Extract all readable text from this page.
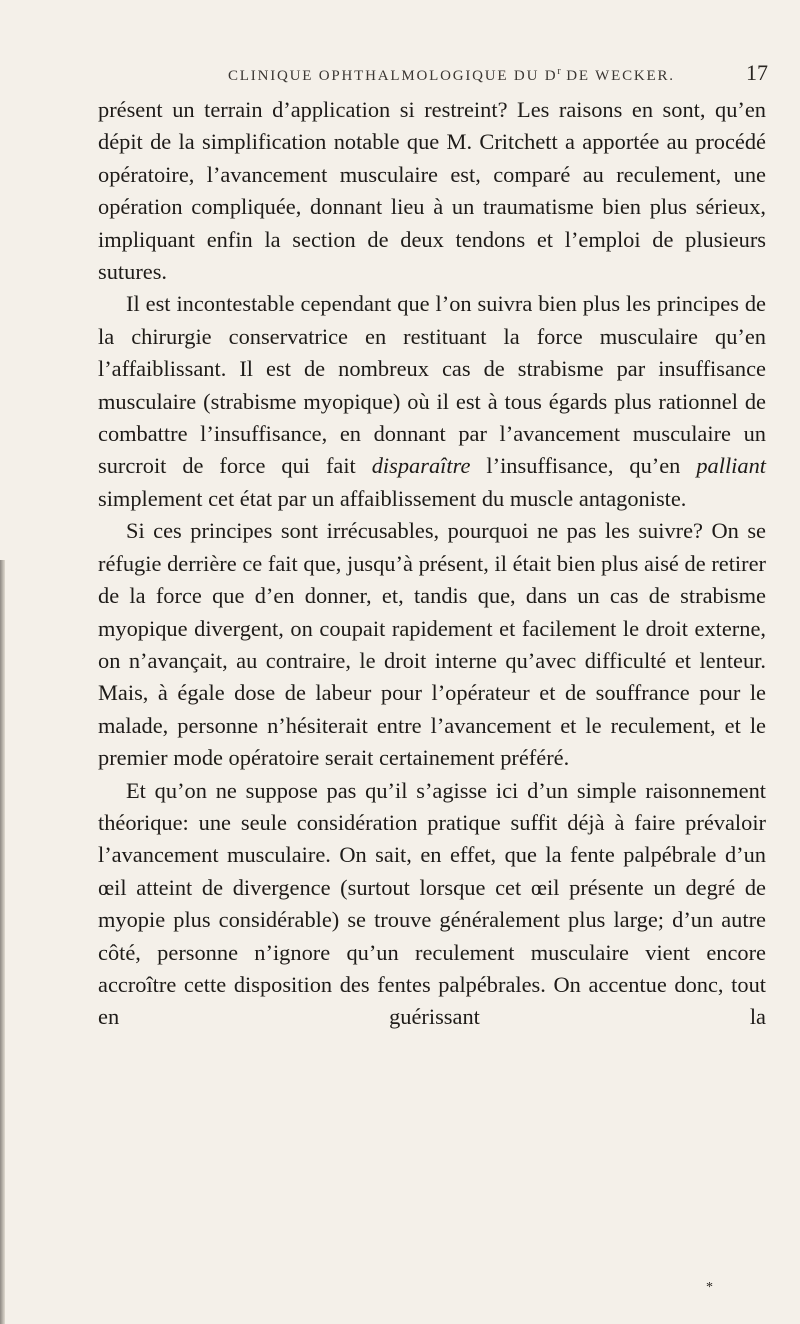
CLINIQUE OPHTHALMOLOGIQUE DU $D^r$ DE WECKER.	17

présent un terrain d’application si restreint? Les raisons en sont, qu’en dépit de la simplification notable que M. Critchett a apportée au procédé opératoire, l’avancement musculaire est, comparé au reculement, une opération compliquée, donnant lieu à un traumatisme bien plus sérieux, impliquant enfin la section de deux tendons et l’emploi de plusieurs sutures.

Il est incontestable cependant que l’on suivra bien plus les principes de la chirurgie conservatrice en restituant la force musculaire qu’en l’affaiblissant. Il est de nombreux cas de strabisme par insuffisance musculaire (strabisme myopique) où il est à tous égards plus rationnel de combattre l’insuffisance, en donnant par l’avancement musculaire un surcroit de force qui fait disparaître l’insuffisance, qu’en palliant simplement cet état par un affaiblissement du muscle antagoniste.

Si ces principes sont irrécusables, pourquoi ne pas les suivre? On se réfugie derrière ce fait que, jusqu’à présent, il était bien plus aisé de retirer de la force que d’en donner, et, tandis que, dans un cas de strabisme myopique divergent, on coupait rapidement et facilement le droit externe, on n’avançait, au contraire, le droit interne qu’avec difficulté et lenteur. Mais, à égale dose de labeur pour l’opérateur et de souffrance pour le malade, personne n’hésiterait entre l’avancement et le reculement, et le premier mode opératoire serait certainement préféré.

Et qu’on ne suppose pas qu’il s’agisse ici d’un simple raisonnement théorique: une seule considération pratique suffit déjà à faire prévaloir l’avancement musculaire. On sait, en effet, que la fente palpébrale d’un œil atteint de divergence (surtout lorsque cet œil présente un degré de myopie plus considérable) se trouve généralement plus large; d’un autre côté, personne n’ignore qu’un reculement musculaire vient encore accroître cette disposition des fentes palpébrales. On accentue donc, tout en guérissant la

*
